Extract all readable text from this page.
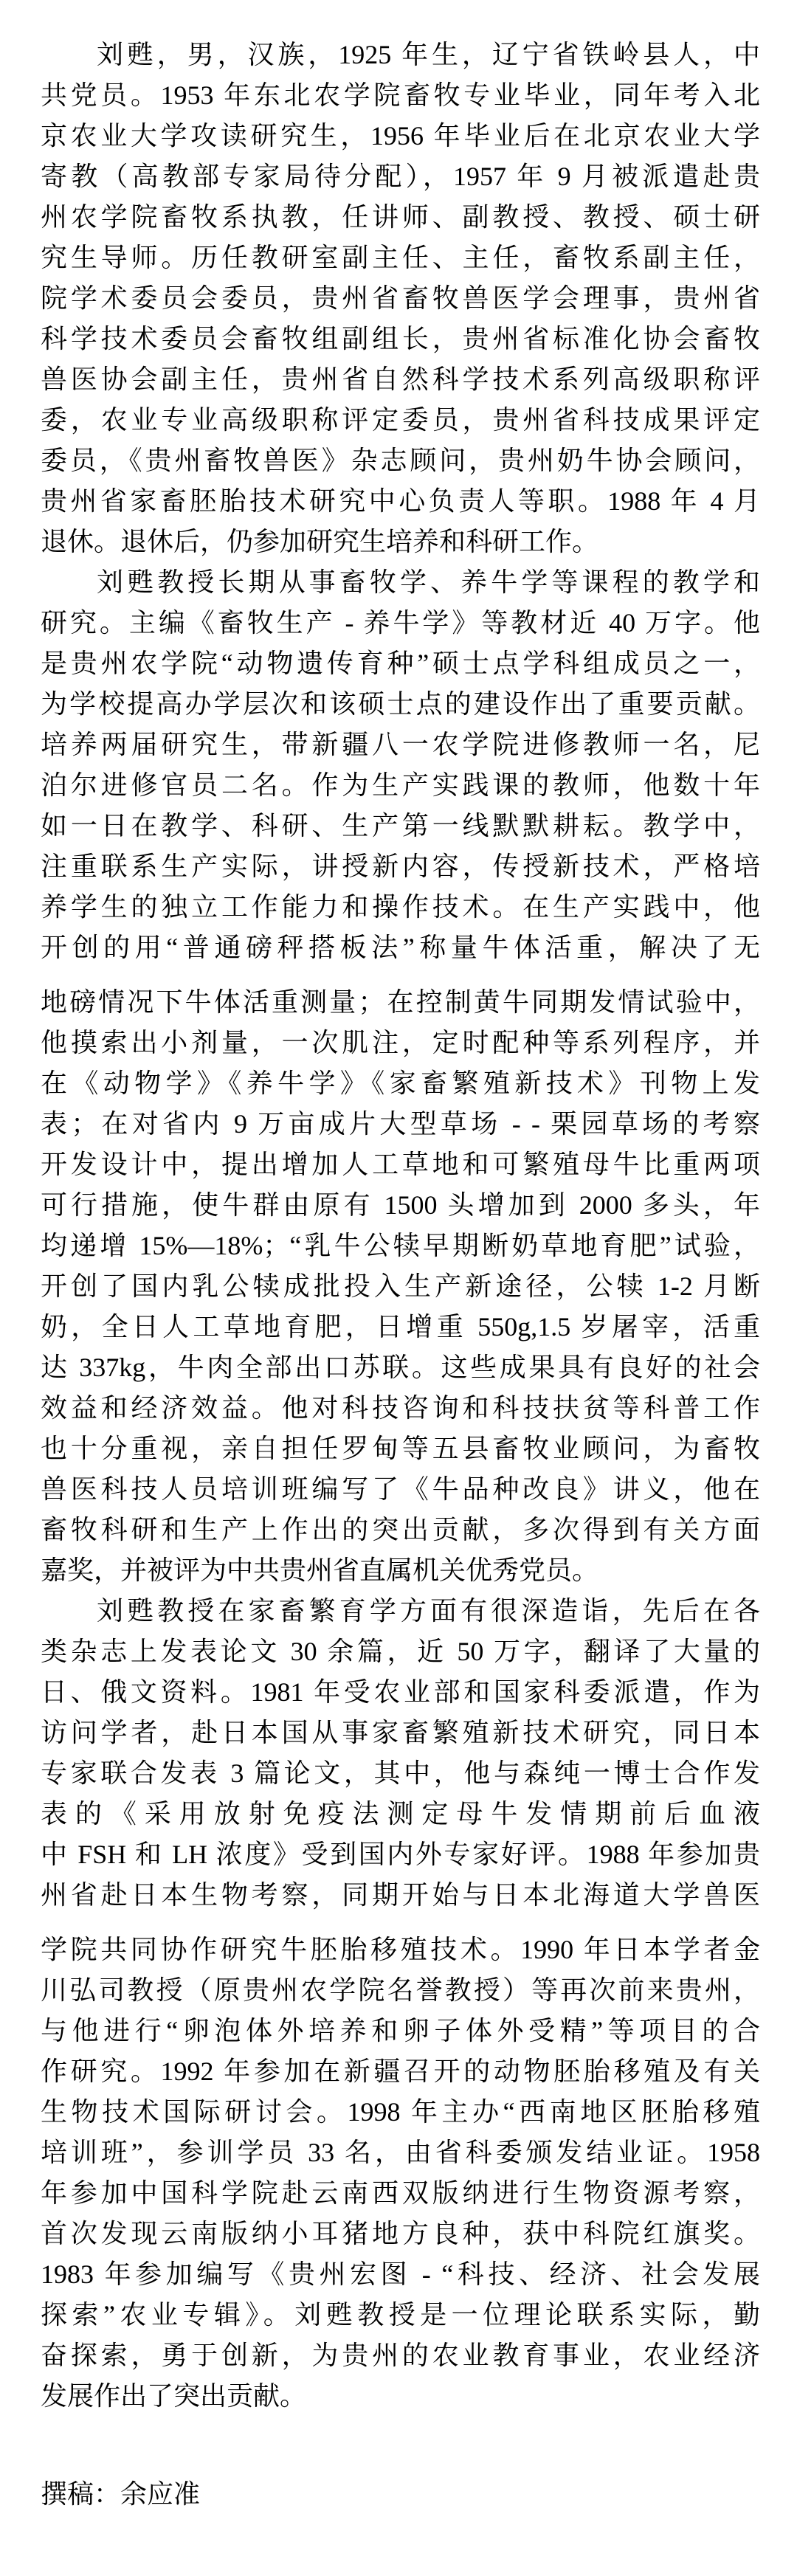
刘甦，男，汉族，1925 年生，辽宁省铁岭县人，中
共党员。1953 年东北农学院畜牧专业毕业，同年考入北
京农业大学攻读研究生，1956 年毕业后在北京农业大学
寄教（高教部专家局待分配），1957 年 9 月被派遣赴贵
州农学院畜牧系执教，任讲师、副教授、教授、硕士研
究生导师。历任教研室副主任、主任，畜牧系副主任，
院学术委员会委员，贵州省畜牧兽医学会理事，贵州省
科学技术委员会畜牧组副组长，贵州省标准化协会畜牧
兽医协会副主任，贵州省自然科学技术系列高级职称评
委，农业专业高级职称评定委员，贵州省科技成果评定
委员，《贵州畜牧兽医》杂志顾问，贵州奶牛协会顾问，
贵州省家畜胚胎技术研究中心负责人等职。1988 年 4 月
退休。退休后，仍参加研究生培养和科研工作。
刘甦教授长期从事畜牧学、养牛学等课程的教学和
研究。主编《畜牧生产 - 养牛学》等教材近 40 万字。他
是贵州农学院“动物遗传育种”硕士点学科组成员之一，
为学校提高办学层次和该硕士点的建设作出了重要贡献。
培养两届研究生，带新疆八一农学院进修教师一名，尼
泊尔进修官员二名。作为生产实践课的教师，他数十年
如一日在教学、科研、生产第一线默默耕耘。教学中，
注重联系生产实际，讲授新内容，传授新技术，严格培
养学生的独立工作能力和操作技术。在生产实践中，他
开创的用“普通磅秤搭板法”称量牛体活重，解决了无
地磅情况下牛体活重测量；在控制黄牛同期发情试验中，
他摸索出小剂量，一次肌注，定时配种等系列程序，并
在《动物学》《养牛学》《家畜繁殖新技术》刊物上发
表；在对省内 9 万亩成片大型草场 - - 栗园草场的考察
开发设计中，提出增加人工草地和可繁殖母牛比重两项
可行措施，使牛群由原有 1500 头增加到 2000 多头，年
均递增 15%—18%；“乳牛公犊早期断奶草地育肥”试验，
开创了国内乳公犊成批投入生产新途径，公犊 1-2 月断
奶，全日人工草地育肥，日增重 550g,1.5 岁屠宰，活重
达 337kg，牛肉全部出口苏联。这些成果具有良好的社会
效益和经济效益。他对科技咨询和科技扶贫等科普工作
也十分重视，亲自担任罗甸等五县畜牧业顾问，为畜牧
兽医科技人员培训班编写了《牛品种改良》讲义，他在
畜牧科研和生产上作出的突出贡献，多次得到有关方面
嘉奖，并被评为中共贵州省直属机关优秀党员。
刘甦教授在家畜繁育学方面有很深造诣，先后在各
类杂志上发表论文 30 余篇，近 50 万字，翻译了大量的
日、俄文资料。1981 年受农业部和国家科委派遣，作为
访问学者，赴日本国从事家畜繁殖新技术研究，同日本
专家联合发表 3 篇论文，其中，他与森纯一博士合作发
表的《采用放射免疫法测定母牛发情期前后血液
中 FSH 和 LH 浓度》受到国内外专家好评。1988 年参加贵
州省赴日本生物考察，同期开始与日本北海道大学兽医
学院共同协作研究牛胚胎移殖技术。1990 年日本学者金
川弘司教授（原贵州农学院名誉教授）等再次前来贵州，
与他进行“卵泡体外培养和卵子体外受精”等项目的合
作研究。1992 年参加在新疆召开的动物胚胎移殖及有关
生物技术国际研讨会。1998 年主办“西南地区胚胎移殖
培训班”，参训学员 33 名，由省科委颁发结业证。1958
年参加中国科学院赴云南西双版纳进行生物资源考察，
首次发现云南版纳小耳猪地方良种，获中科院红旗奖。
1983 年参加编写《贵州宏图 - “科技、经济、社会发展
探索”农业专辑》。刘甦教授是一位理论联系实际，勤
奋探索，勇于创新，为贵州的农业教育事业，农业经济
发展作出了突出贡献。
撰稿：余应准
